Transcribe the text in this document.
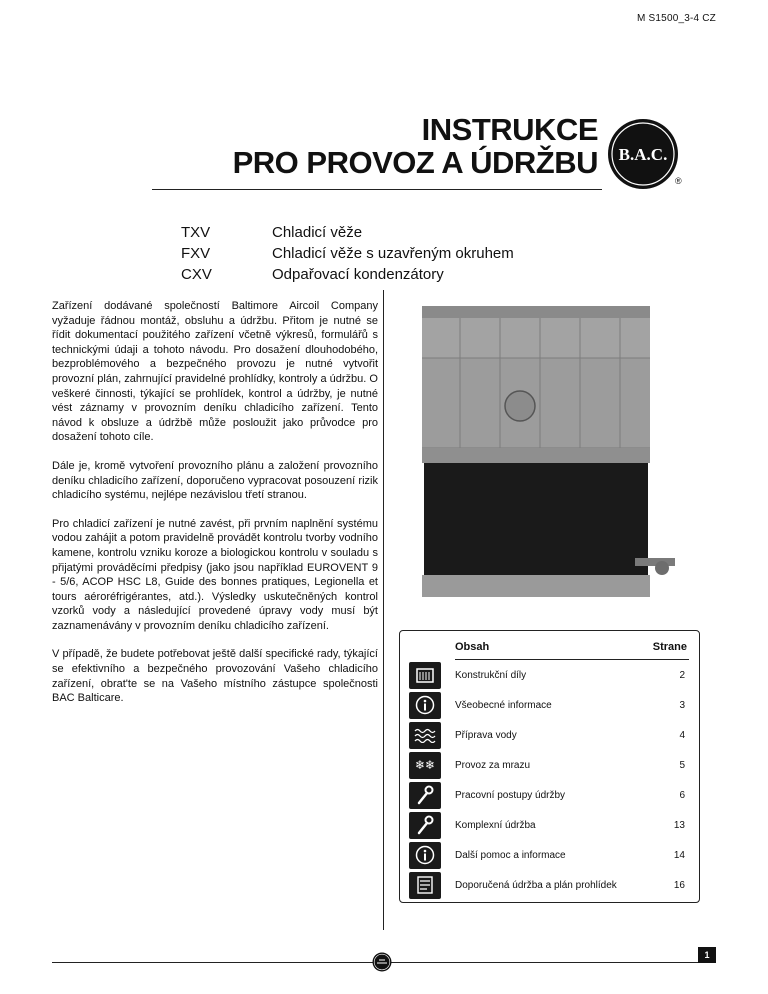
M S1500_3-4 CZ
INSTRUKCE
PRO PROVOZ A ÚDRŽBU B.A.C.
®
TXV	Chladicí věže
FXV	Chladicí věže s uzavřeným okruhem
CXV	Odpařovací kondenzátory

Zařízení dodávané společností Baltimore Aircoil Company vyžaduje řádnou montáž, obsluhu a údržbu. Přitom je nutné se řídit dokumentací použitého zařízení včetně výkresů, formulářů s technickými údaji a tohoto návodu. Pro dosažení dlouhodobého, bezproblémového a bezpečného provozu je nutné vytvořit provozní plán, zahrnující pravidelné prohlídky, kontroly a údržbu. O veškeré činnosti, týkající se prohlídek, kontrol a údržby, je nutné vést záznamy v provozním deníku chladicího zařízení. Tento návod k obsluze a údržbě může posloužit jako průvodce pro dosažení tohoto cíle.

Dále je, kromě vytvoření provozního plánu a založení provozního deníku chladicího zařízení, doporučeno vypracovat posouzení rizik chladicího systému, nejlépe nezávislou třetí stranou.

Pro chladicí zařízení je nutné zavést, při prvním naplnění systému vodou zahájit a potom pravidelně provádět kontrolu tvorby vodního kamene, kontrolu vzniku koroze a biologickou kontrolu v souladu s přijatými prováděcími předpisy (jako jsou například EUROVENT 9 - 5/6, ACOP HSC L8, Guide des bonnes pratiques, Legionella et tours aéroréfrigérantes, atd.). Výsledky uskutečněných kontrol vzorků vody a následující provedené úpravy vody musí být zaznamenávány v provozním deníku chladicího zařízení.

V případě, že budete potřebovat ještě další specifické rady, týkající se efektivního a bezpečného provozování Vašeho chladicího zařízení, obrat'te se na Vašeho místního zástupce společnosti BAC Balticare.

Obsah	Strane
Konstrukční díly	2
Všeobecné informace	3
Příprava vody	4
❄❄	Provoz za mrazu	5
Pracovní postupy údržby	6
Komplexní údržba	13
Další pomoc a informace	14
Doporučená údržba a plán prohlídek	16
1
